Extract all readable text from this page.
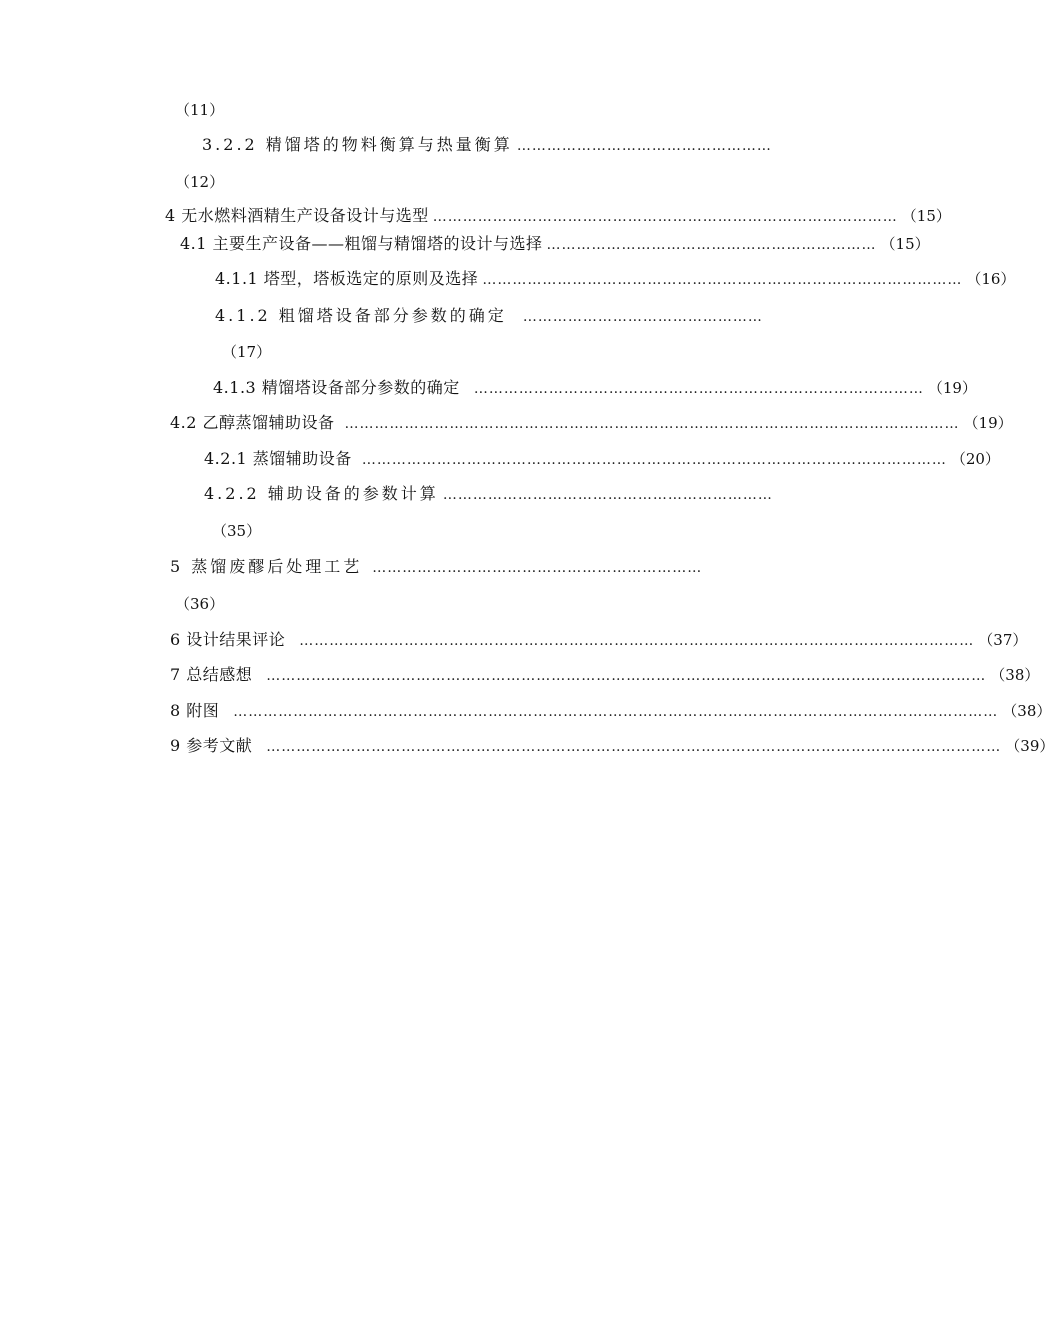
（11）
3.2.2 精馏塔的物料衡算与热量衡算 ……………………………………………
（12）
4 无水燃料酒精生产设备设计与选型 ………………………………………………………………………………… （15）
4.1 主要生产设备——粗馏与精馏塔的设计与选择 ………………………………………………………… （15）
4.1.1 塔型，塔板选定的原则及选择 …………………………………………………………………………………… （16）
4.1.2 粗馏塔设备部分参数的确定 …………………………………………
（17）
4.1.3 精馏塔设备部分参数的确定 ……………………………………………………………………………… （19）
4.2 乙醇蒸馏辅助设备 …………………………………………………………………………………………………………… （19）
4.2.1 蒸馏辅助设备 ……………………………………………………………………………………………………… （20）
4.2.2 辅助设备的参数计算 …………………………………………………………
（35）
5 蒸馏废醪后处理工艺 …………………………………………………………
（36）
6 设计结果评论 ……………………………………………………………………………………………………………………… （37）
7 总结感想 ……………………………………………………………………………………………………………………………… （38）
8 附图 ……………………………………………………………………………………………………………………………………… （38）
9 参考文献 ………………………………………………………………………………………………………………………………… （39）
